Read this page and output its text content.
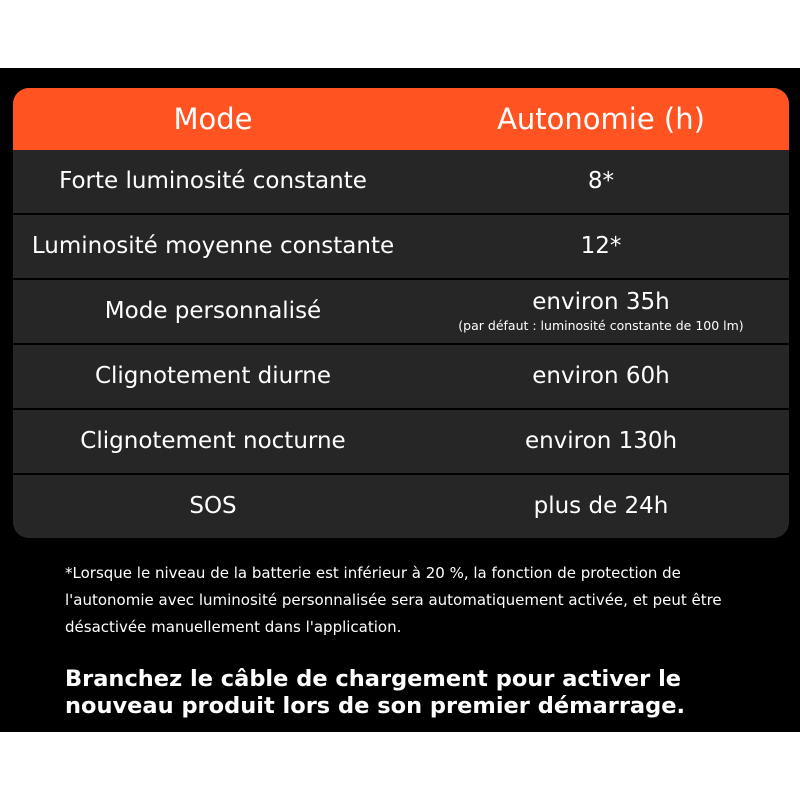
Mode	Autonomie (h)
Forte luminosité constante	8*
Luminosité moyenne constante	12*
Mode personnalisé	environ 35h
(par défaut : luminosité constante de 100 lm)
Clignotement diurne	environ 60h
Clignotement nocturne	environ 130h
SOS	plus de 24h

*Lorsque le niveau de la batterie est inférieur à 20 %, la fonction de protection de l'autonomie avec luminosité personnalisée sera automatiquement activée, et peut être désactivée manuellement dans l'application.

Branchez le câble de chargement pour activer le nouveau produit lors de son premier démarrage.
